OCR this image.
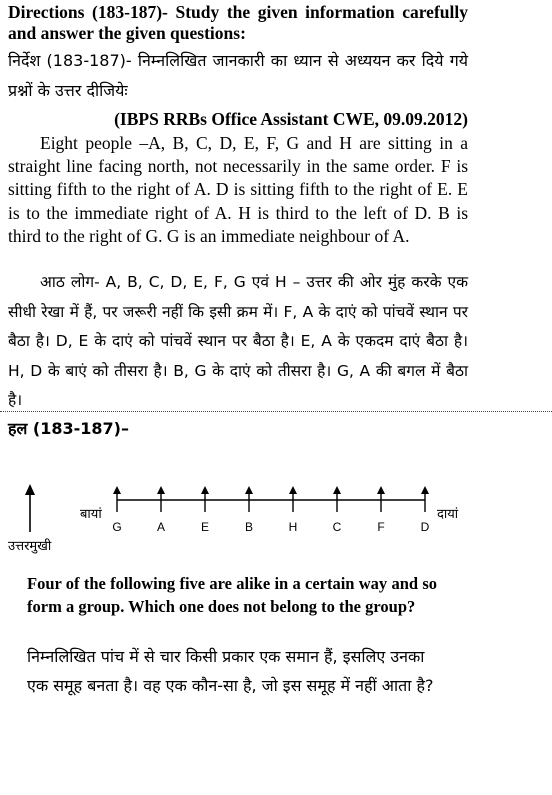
Directions (183-187)- Study the given information carefully and answer the given questions:

निर्देश (183-187)- निम्नलिखित जानकारी का ध्यान से अध्ययन कर दिये गये प्रश्नों के उत्तर दीजियेः

(IBPS RRBs Office Assistant CWE, 09.09.2012)

Eight people –A, B, C, D, E, F, G and H are sitting in a straight line facing north, not necessarily in the same order. F is sitting fifth to the right of A. D is sitting fifth to the right of E. E is to the immediate right of A. H is third to the left of D. B is third to the right of G. G is an immediate neighbour of A.

आठ लोग- A, B, C, D, E, F, G एवं H – उत्तर की ओर मुंह करके एक सीधी रेखा में हैं, पर जरूरी नहीं कि इसी क्रम में। F, A के दाएं को पांचवें स्थान पर बैठा है। D, E के दाएं को पांचवें स्थान पर बैठा है। E, A के एकदम दाएं बैठा है। H, D के बाएं को तीसरा है। B, G के दाएं को तीसरा है। G, A की बगल में बैठा है।

हल (183-187)–

उत्तरमुखी
बायां	दायां
G	A	E	B	H	C	F	D

Four of the following five are alike in a certain way and so form a group. Which one does not belong to the group?

निम्नलिखित पांच में से चार किसी प्रकार एक समान हैं, इसलिए उनका एक समूह बनता है। वह एक कौन-सा है, जो इस समूह में नहीं आता है?
